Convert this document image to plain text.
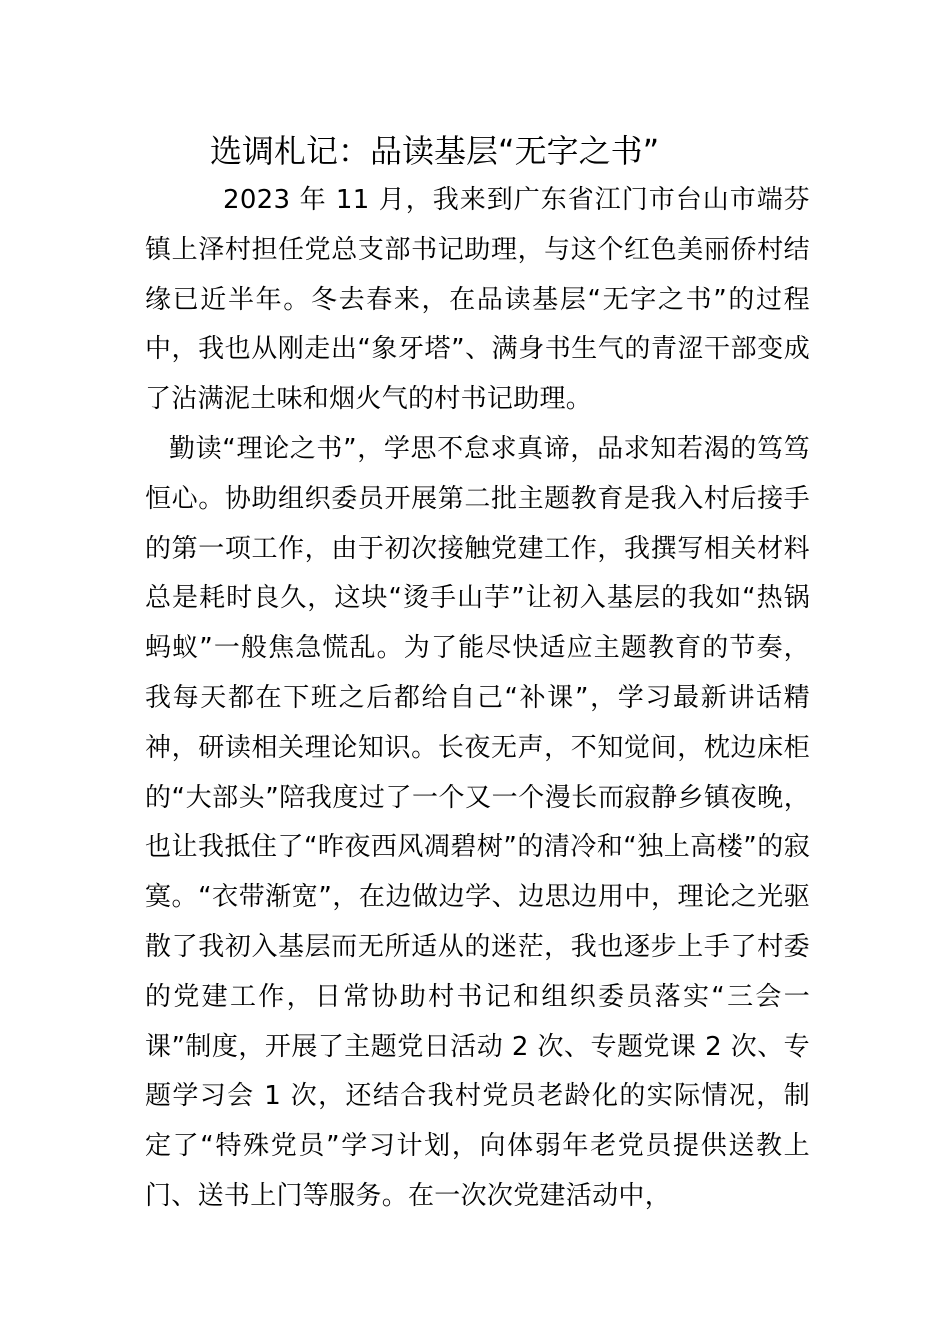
选调札记：品读基层“无字之书”

2023 年 11 月，我来到广东省江门市台山市端芬镇上泽村担任党总支部书记助理，与这个红色美丽侨村结缘已近半年。冬去春来，在品读基层“无字之书”的过程中，我也从刚走出“象牙塔”、满身书生气的青涩干部变成了沾满泥土味和烟火气的村书记助理。

勤读“理论之书”，学思不怠求真谛，品求知若渴的笃笃恒心。协助组织委员开展第二批主题教育是我入村后接手的第一项工作，由于初次接触党建工作，我撰写相关材料总是耗时良久，这块“烫手山芋”让初入基层的我如“热锅蚂蚁”一般焦急慌乱。为了能尽快适应主题教育的节奏，我每天都在下班之后都给自己“补课”，学习最新讲话精神，研读相关理论知识。长夜无声，不知觉间，枕边床柜的“大部头”陪我度过了一个又一个漫长而寂静乡镇夜晚，也让我抵住了“昨夜西风凋碧树”的清冷和“独上高楼”的寂寞。“衣带渐宽”，在边做边学、边思边用中，理论之光驱散了我初入基层而无所适从的迷茫，我也逐步上手了村委的党建工作，日常协助村书记和组织委员落实“三会一课”制度，开展了主题党日活动 2 次、专题党课 2 次、专题学习会 1 次，还结合我村党员老龄化的实际情况，制定了“特殊党员”学习计划，向体弱年老党员提供送教上门、送书上门等服务。在一次次党建活动中，
